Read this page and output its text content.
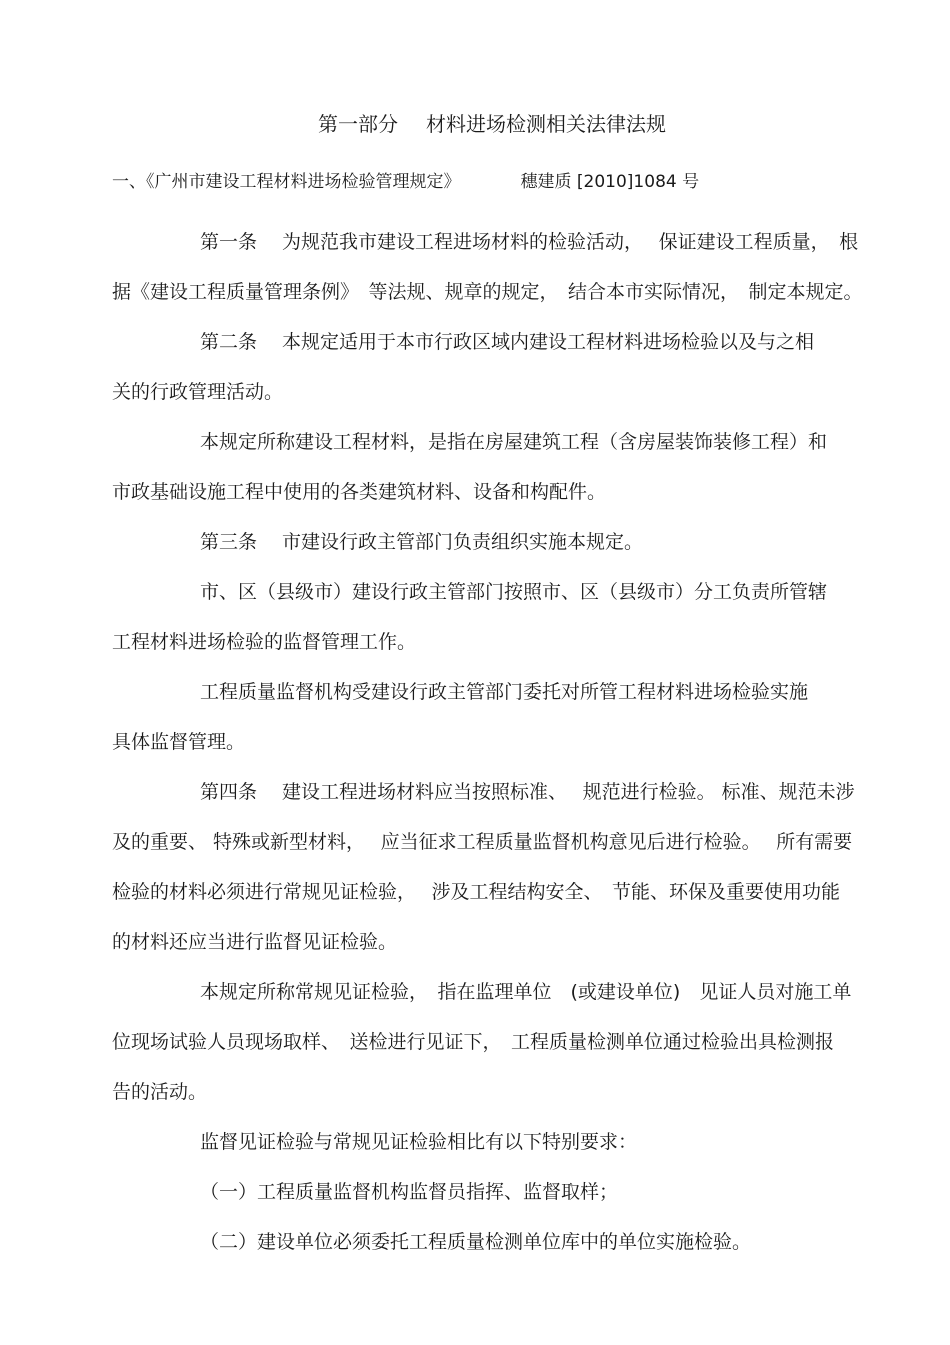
第一部分 材料进场检测相关法律法规
一、《广州市建设工程材料进场检验管理规定》	穗建质 [2010]1084 号
第一条　 为规范我市建设工程进场材料的检验活动，　 保证建设工程质量，　根
据《建设工程质量管理条例》　等法规、规章的规定，　结合本市实际情况，　制定本规定。
第二条　 本规定适用于本市行政区域内建设工程材料进场检验以及与之相
关的行政管理活动。
本规定所称建设工程材料，是指在房屋建筑工程（含房屋装饰装修工程）和
市政基础设施工程中使用的各类建筑材料、设备和构配件。
第三条　 市建设行政主管部门负责组织实施本规定。
市、区（县级市）建设行政主管部门按照市、区（县级市）分工负责所管辖
工程材料进场检验的监督管理工作。
工程质量监督机构受建设行政主管部门委托对所管工程材料进场检验实施
具体监督管理。
第四条　 建设工程进场材料应当按照标准、　 规范进行检验。 标准、规范未涉
及的重要、 特殊或新型材料，　 应当征求工程质量监督机构意见后进行检验。　 所有需要
检验的材料必须进行常规见证检验，　 涉及工程结构安全、　节能、环保及重要使用功能
的材料还应当进行监督见证检验。
本规定所称常规见证检验，　指在监理单位　(或建设单位)　见证人员对施工单
位现场试验人员现场取样、　送检进行见证下，　工程质量检测单位通过检验出具检测报
告的活动。
监督见证检验与常规见证检验相比有以下特别要求：
（一）工程质量监督机构监督员指挥、监督取样；
（二）建设单位必须委托工程质量检测单位库中的单位实施检验。
